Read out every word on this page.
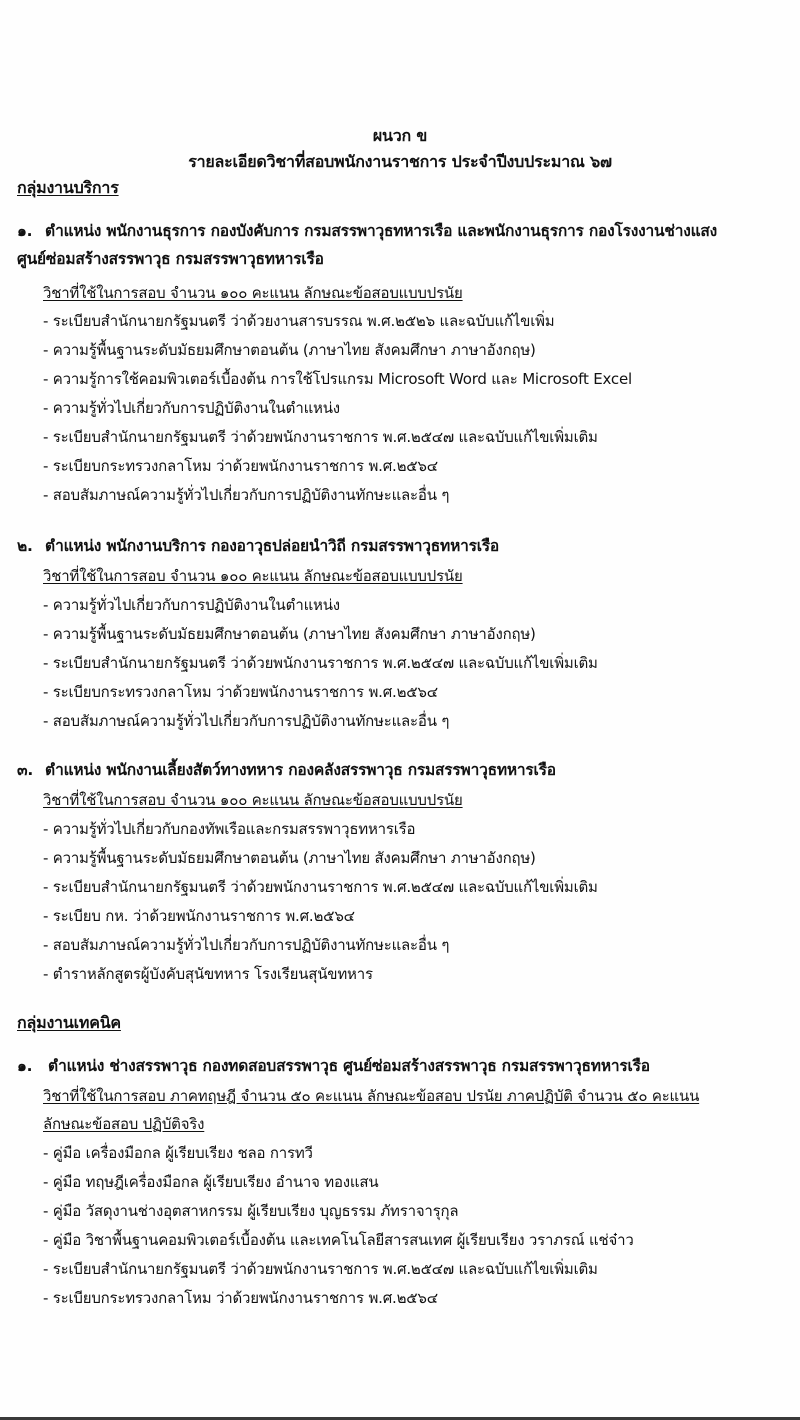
ผนวก ข
รายละเอียดวิชาที่สอบพนักงานราชการ ประจำปีงบประมาณ ๖๗
กลุ่มงานบริการ
๑. ตำแหน่ง พนักงานธุรการ กองบังคับการ กรมสรรพาวุธทหารเรือ และพนักงานธุรการ กองโรงงานช่างแสง
ศูนย์ซ่อมสร้างสรรพาวุธ กรมสรรพาวุธทหารเรือ
วิชาที่ใช้ในการสอบ จำนวน ๑๐๐ คะแนน ลักษณะข้อสอบแบบปรนัย
- ระเบียบสำนักนายกรัฐมนตรี ว่าด้วยงานสารบรรณ พ.ศ.๒๕๒๖ และฉบับแก้ไขเพิ่ม
- ความรู้พื้นฐานระดับมัธยมศึกษาตอนต้น (ภาษาไทย สังคมศึกษา ภาษาอังกฤษ)
- ความรู้การใช้คอมพิวเตอร์เบื้องต้น การใช้โปรแกรม Microsoft Word และ Microsoft Excel
- ความรู้ทั่วไปเกี่ยวกับการปฏิบัติงานในตำแหน่ง
- ระเบียบสำนักนายกรัฐมนตรี ว่าด้วยพนักงานราชการ พ.ศ.๒๕๔๗ และฉบับแก้ไขเพิ่มเติม
- ระเบียบกระทรวงกลาโหม ว่าด้วยพนักงานราชการ พ.ศ.๒๕๖๔
- สอบสัมภาษณ์ความรู้ทั่วไปเกี่ยวกับการปฏิบัติงานทักษะและอื่น ๆ
๒. ตำแหน่ง พนักงานบริการ กองอาวุธปล่อยนำวิถี กรมสรรพาวุธทหารเรือ
วิชาที่ใช้ในการสอบ จำนวน ๑๐๐ คะแนน ลักษณะข้อสอบแบบปรนัย
- ความรู้ทั่วไปเกี่ยวกับการปฏิบัติงานในตำแหน่ง
- ความรู้พื้นฐานระดับมัธยมศึกษาตอนต้น (ภาษาไทย สังคมศึกษา ภาษาอังกฤษ)
- ระเบียบสำนักนายกรัฐมนตรี ว่าด้วยพนักงานราชการ พ.ศ.๒๕๔๗ และฉบับแก้ไขเพิ่มเติม
- ระเบียบกระทรวงกลาโหม ว่าด้วยพนักงานราชการ พ.ศ.๒๕๖๔
- สอบสัมภาษณ์ความรู้ทั่วไปเกี่ยวกับการปฏิบัติงานทักษะและอื่น ๆ
๓. ตำแหน่ง พนักงานเลี้ยงสัตว์ทางทหาร กองคลังสรรพาวุธ กรมสรรพาวุธทหารเรือ
วิชาที่ใช้ในการสอบ จำนวน ๑๐๐ คะแนน ลักษณะข้อสอบแบบปรนัย
- ความรู้ทั่วไปเกี่ยวกับกองทัพเรือและกรมสรรพาวุธทหารเรือ
- ความรู้พื้นฐานระดับมัธยมศึกษาตอนต้น (ภาษาไทย สังคมศึกษา ภาษาอังกฤษ)
- ระเบียบสำนักนายกรัฐมนตรี ว่าด้วยพนักงานราชการ พ.ศ.๒๕๔๗ และฉบับแก้ไขเพิ่มเติม
- ระเบียบ กห. ว่าด้วยพนักงานราชการ พ.ศ.๒๕๖๔
- สอบสัมภาษณ์ความรู้ทั่วไปเกี่ยวกับการปฏิบัติงานทักษะและอื่น ๆ
- ตำราหลักสูตรผู้บังคับสุนัขทหาร โรงเรียนสุนัขทหาร
กลุ่มงานเทคนิค
๑. ตำแหน่ง ช่างสรรพาวุธ กองทดสอบสรรพาวุธ ศูนย์ซ่อมสร้างสรรพาวุธ กรมสรรพาวุธทหารเรือ
วิชาที่ใช้ในการสอบ ภาคทฤษฎี จำนวน ๕๐ คะแนน ลักษณะข้อสอบ ปรนัย ภาคปฏิบัติ จำนวน ๕๐ คะแนน
ลักษณะข้อสอบ ปฏิบัติจริง
- คู่มือ เครื่องมือกล ผู้เรียบเรียง ชลอ การทวี
- คู่มือ ทฤษฎีเครื่องมือกล ผู้เรียบเรียง อำนาจ ทองแสน
- คู่มือ วัสดุงานช่างอุตสาหกรรม ผู้เรียบเรียง บุญธรรม ภัทราจารุกุล
- คู่มือ วิชาพื้นฐานคอมพิวเตอร์เบื้องต้น และเทคโนโลยีสารสนเทศ ผู้เรียบเรียง วราภรณ์ แช่จ๋าว
- ระเบียบสำนักนายกรัฐมนตรี ว่าด้วยพนักงานราชการ พ.ศ.๒๕๔๗ และฉบับแก้ไขเพิ่มเติม
- ระเบียบกระทรวงกลาโหม ว่าด้วยพนักงานราชการ พ.ศ.๒๕๖๔
